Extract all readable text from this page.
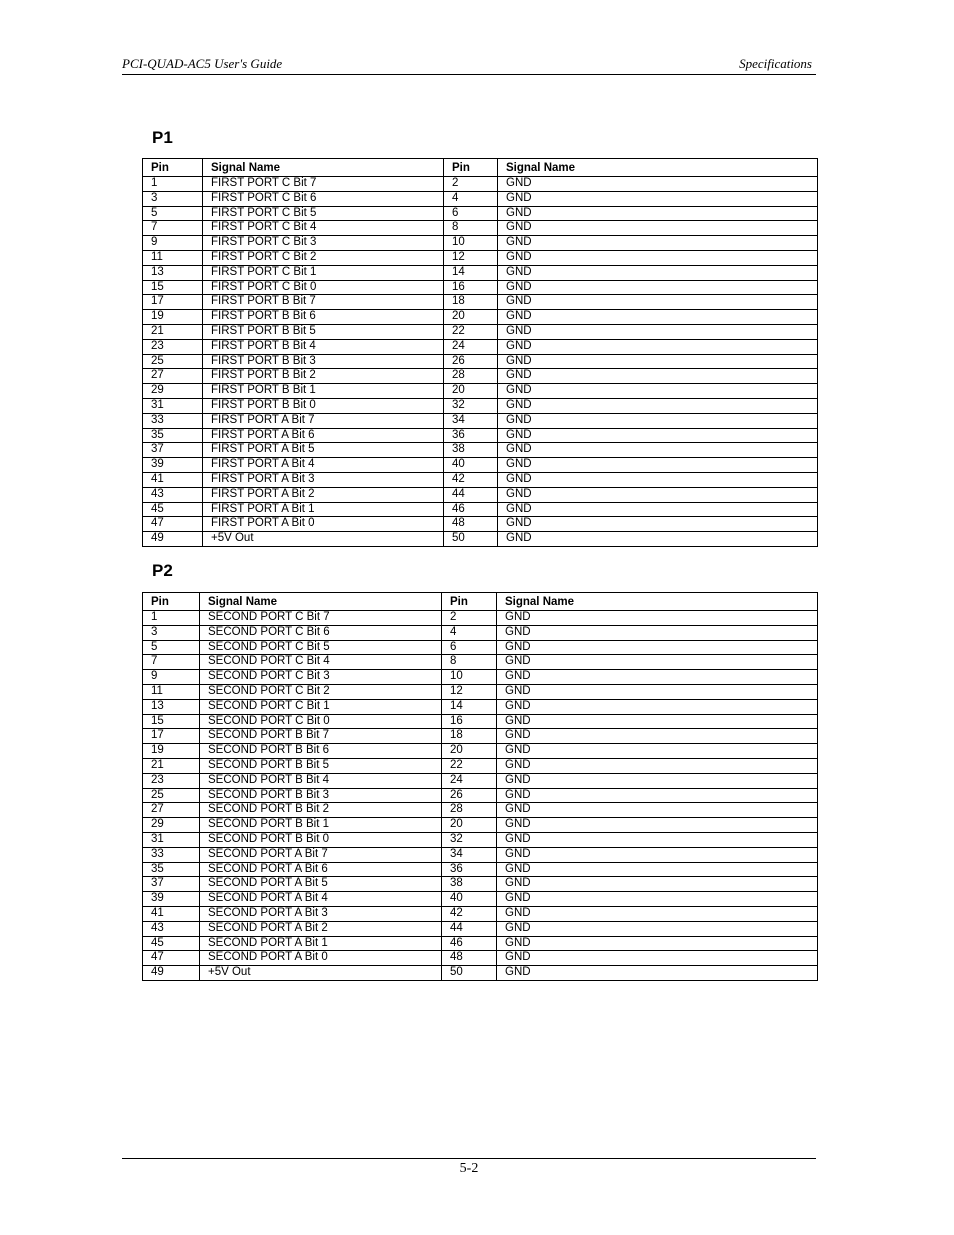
PCI-QUAD-AC5 User's Guide	Specifications
P1
Pin	Signal Name	Pin	Signal Name
1	FIRST PORT C Bit 7	2	GND
3	FIRST PORT C Bit 6	4	GND
5	FIRST PORT C Bit 5	6	GND
7	FIRST PORT C Bit 4	8	GND
9	FIRST PORT C Bit 3	10	GND
11	FIRST PORT C Bit 2	12	GND
13	FIRST PORT C Bit 1	14	GND
15	FIRST PORT C Bit 0	16	GND
17	FIRST PORT B Bit 7	18	GND
19	FIRST PORT B Bit 6	20	GND
21	FIRST PORT B Bit 5	22	GND
23	FIRST PORT B Bit 4	24	GND
25	FIRST PORT B Bit 3	26	GND
27	FIRST PORT B Bit 2	28	GND
29	FIRST PORT B Bit 1	20	GND
31	FIRST PORT B Bit 0	32	GND
33	FIRST PORT A Bit 7	34	GND
35	FIRST PORT A Bit 6	36	GND
37	FIRST PORT A Bit 5	38	GND
39	FIRST PORT A Bit 4	40	GND
41	FIRST PORT A Bit 3	42	GND
43	FIRST PORT A Bit 2	44	GND
45	FIRST PORT A Bit 1	46	GND
47	FIRST PORT A Bit 0	48	GND
49	+5V Out	50	GND
P2
Pin	Signal Name	Pin	Signal Name
1	SECOND PORT C Bit 7	2	GND
3	SECOND PORT C Bit 6	4	GND
5	SECOND PORT C Bit 5	6	GND
7	SECOND PORT C Bit 4	8	GND
9	SECOND PORT C Bit 3	10	GND
11	SECOND PORT C Bit 2	12	GND
13	SECOND PORT C Bit 1	14	GND
15	SECOND PORT C Bit 0	16	GND
17	SECOND PORT B Bit 7	18	GND
19	SECOND PORT B Bit 6	20	GND
21	SECOND PORT B Bit 5	22	GND
23	SECOND PORT B Bit 4	24	GND
25	SECOND PORT B Bit 3	26	GND
27	SECOND PORT B Bit 2	28	GND
29	SECOND PORT B Bit 1	20	GND
31	SECOND PORT B Bit 0	32	GND
33	SECOND PORT A Bit 7	34	GND
35	SECOND PORT A Bit 6	36	GND
37	SECOND PORT A Bit 5	38	GND
39	SECOND PORT A Bit 4	40	GND
41	SECOND PORT A Bit 3	42	GND
43	SECOND PORT A Bit 2	44	GND
45	SECOND PORT A Bit 1	46	GND
47	SECOND PORT A Bit 0	48	GND
49	+5V Out	50	GND
5-2
